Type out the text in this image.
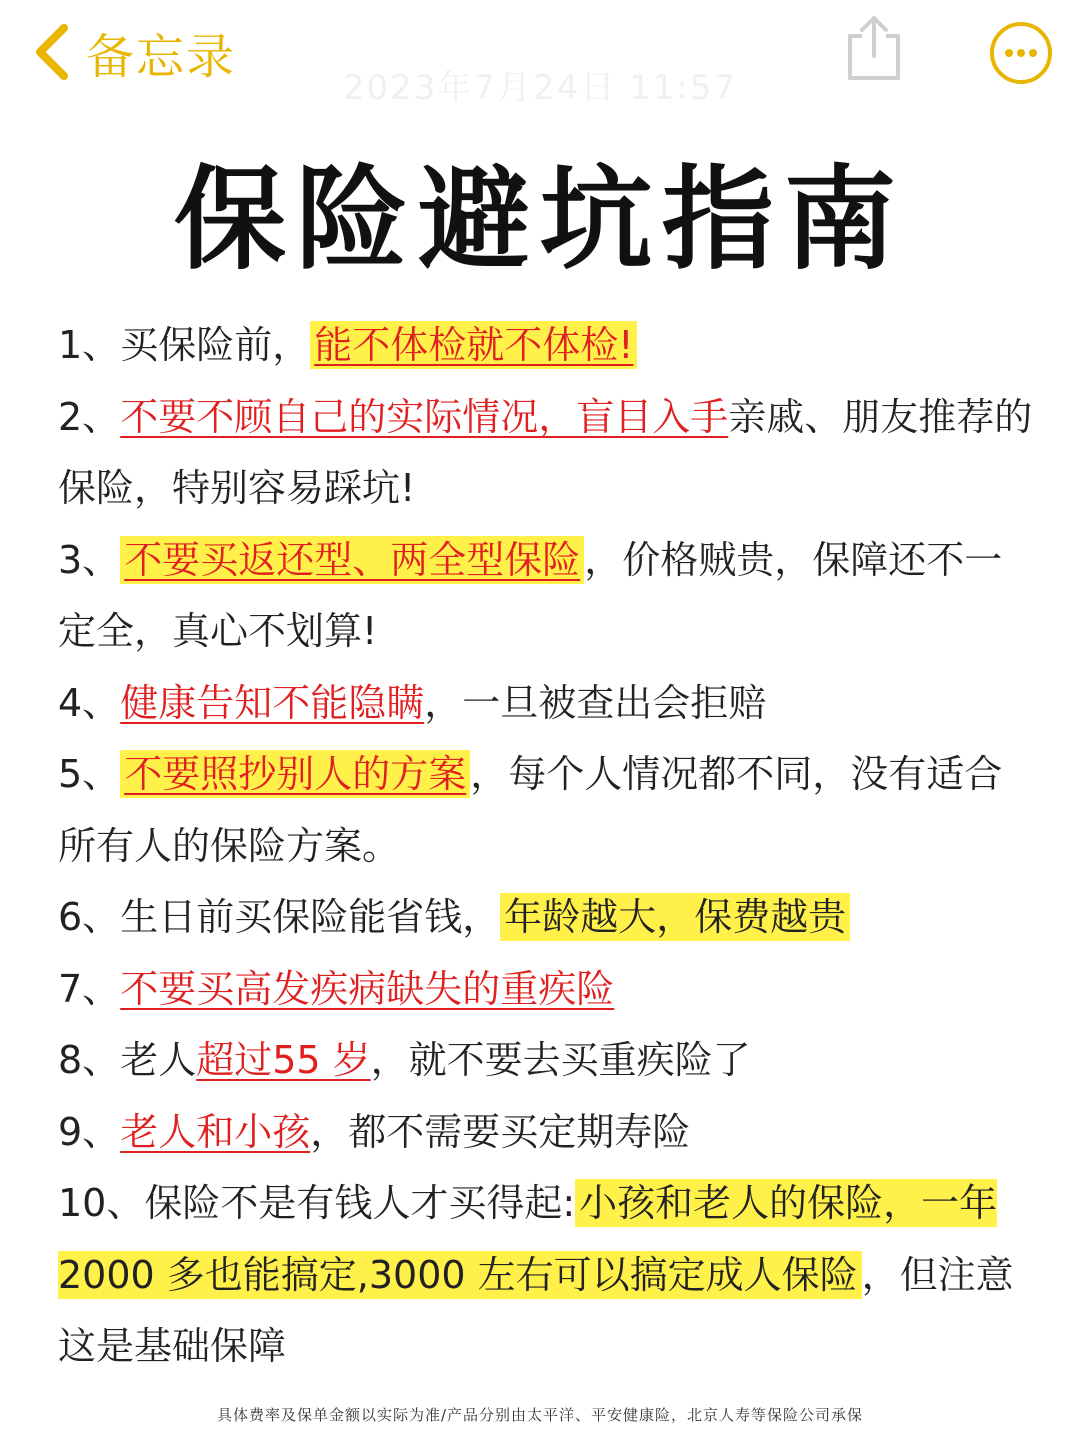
备忘录
2023年7月24日 11:57
保险避坑指南
1、买保险前， 能不体检就不体检!
2、不要不顾自己的实际情况，盲目入手亲戚、朋友推荐的保险，特别容易踩坑!
3、 不要买返还型、两全型保险 ，价格贼贵，保障还不一定全，真心不划算!
4、健康告知不能隐瞒，一旦被查出会拒赔
5、 不要照抄别人的方案 ，每个人情况都不同，没有适合所有人的保险方案。
6、生日前买保险能省钱， 年龄越大，保费越贵
7、不要买高发疾病缺失的重疾险
8、老人超过55 岁，就不要去买重疾险了
9、老人和小孩，都不需要买定期寿险
10、保险不是有钱人才买得起: 小孩和老人的保险，一年2000 多也能搞定,3000 左右可以搞定成人保险 ，但注意这是基础保障
具体费率及保单金额以实际为准/产品分别由太平洋、平安健康险，北京人寿等保险公司承保
